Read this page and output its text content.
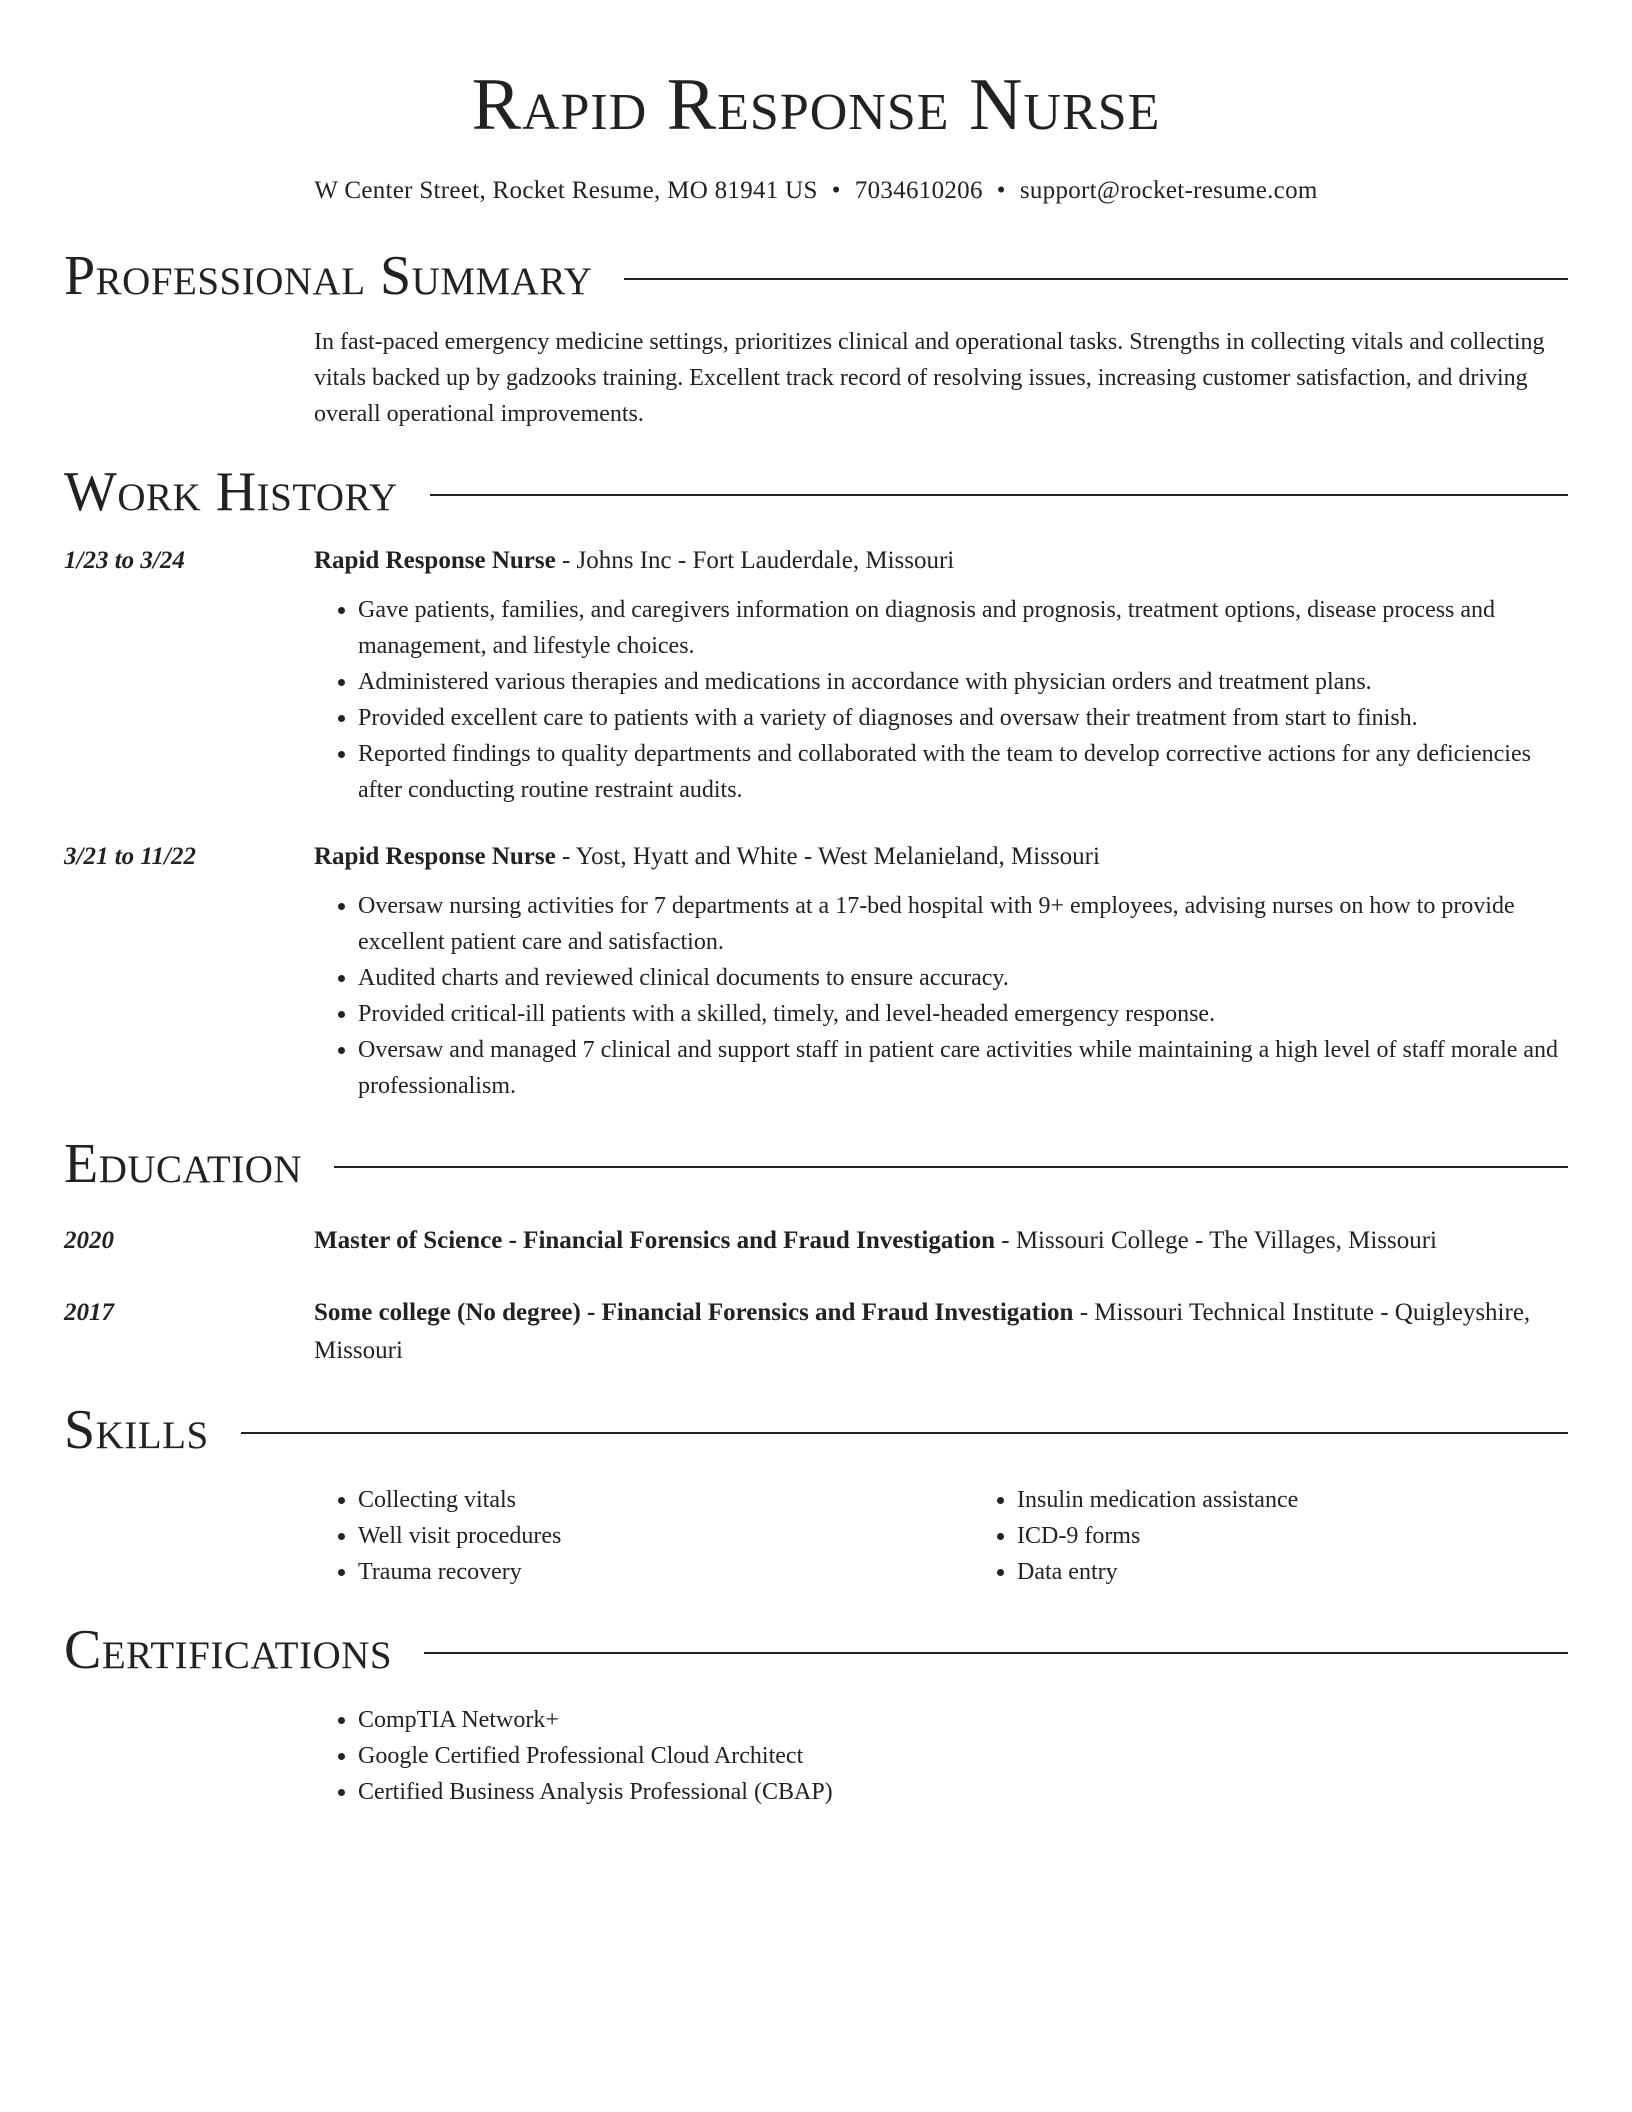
Rapid Response Nurse
W Center Street, Rocket Resume, MO 81941 US • 7034610206 • support@rocket-resume.com
Professional Summary
In fast-paced emergency medicine settings, prioritizes clinical and operational tasks. Strengths in collecting vitals and collecting vitals backed up by gadzooks training. Excellent track record of resolving issues, increasing customer satisfaction, and driving overall operational improvements.
Work History
1/23 to 3/24	Rapid Response Nurse - Johns Inc - Fort Lauderdale, Missouri
• Gave patients, families, and caregivers information on diagnosis and prognosis, treatment options, disease process and management, and lifestyle choices.
• Administered various therapies and medications in accordance with physician orders and treatment plans.
• Provided excellent care to patients with a variety of diagnoses and oversaw their treatment from start to finish.
• Reported findings to quality departments and collaborated with the team to develop corrective actions for any deficiencies after conducting routine restraint audits.
3/21 to 11/22	Rapid Response Nurse - Yost, Hyatt and White - West Melanieland, Missouri
• Oversaw nursing activities for 7 departments at a 17-bed hospital with 9+ employees, advising nurses on how to provide excellent patient care and satisfaction.
• Audited charts and reviewed clinical documents to ensure accuracy.
• Provided critical-ill patients with a skilled, timely, and level-headed emergency response.
• Oversaw and managed 7 clinical and support staff in patient care activities while maintaining a high level of staff morale and professionalism.
Education
2020	Master of Science - Financial Forensics and Fraud Investigation - Missouri College - The Villages, Missouri
2017	Some college (No degree) - Financial Forensics and Fraud Investigation - Missouri Technical Institute - Quigleyshire, Missouri
Skills
• Collecting vitals
• Well visit procedures
• Trauma recovery
• Insulin medication assistance
• ICD-9 forms
• Data entry
Certifications
• CompTIA Network+
• Google Certified Professional Cloud Architect
• Certified Business Analysis Professional (CBAP)
